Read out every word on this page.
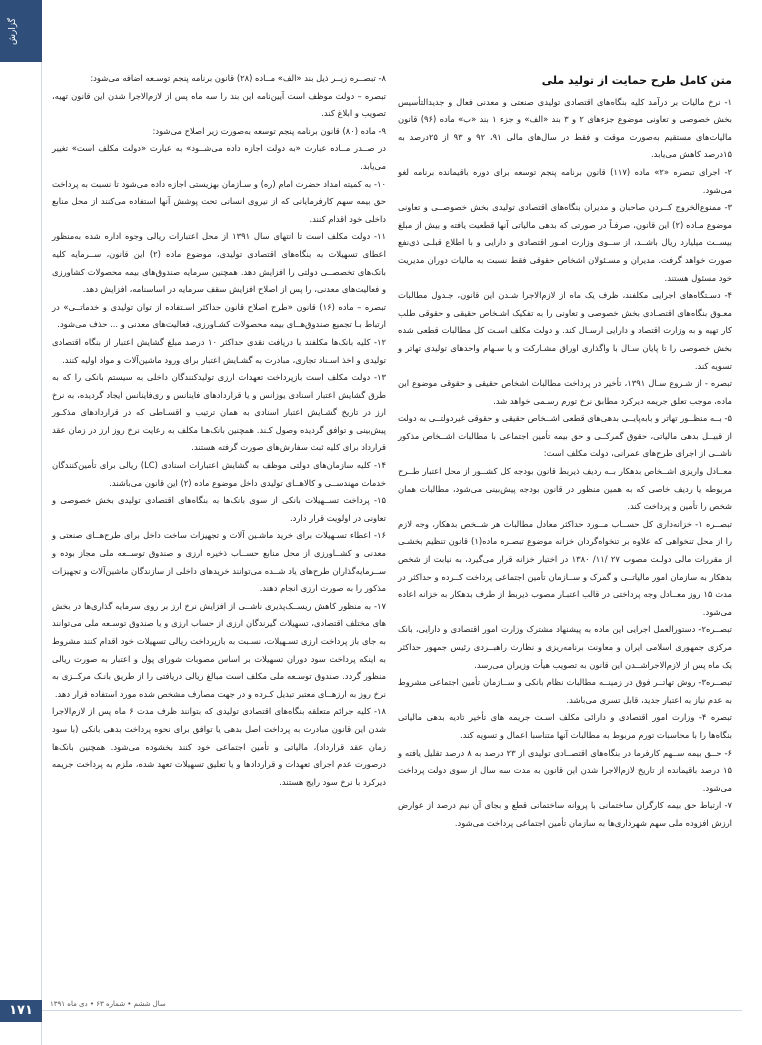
گزارش
۱۷۱
متن کامل طرح حمایت از تولید ملی

۱- نرخ مالیات بر درآمد کلیه بنگاه‌های اقتصادی تولیدی صنعتی و معدنی فعال و جدیدالتأسیس بخش خصوصی و تعاونی موضوع جزءهای ۲ و ۳ بند «الف» و جزء ۱ بند «ب» ماده (۹۶) قانون مالیات‌های مستقیم به‌صورت موقت و فقط در سال‌های مالی ۹۱، ۹۲ و ۹۳ از ۲۵درصد به ۱۵درصد کاهش می‌یابد.

۲- اجرای تبصره «۲» ماده (۱۱۷) قانون برنامه پنجم توسعه برای دوره باقیمانده برنامه لغو می‌شود.

۳- ممنوع‌الخروج کــردن صاحبان و مدیران بنگاه‌های اقتصادی تولیدی بخش خصوصــی و تعاونی موضوع مـاده (۲) این قانون، صرفـاً در صورتی که بدهی مالیاتی آنها قطعیت یافته و بیش از مبلغ بیســت میلیارد ریال باشــد، از ســوی وزارت امـور اقتصادی و دارایی و با اطلاع قبلـی ذی‌نفع صورت خواهد گرفت. مدیران و مسـئولان اشخاص حقوقی فقط نسبت به مالیات دوران مدیریت خود مسئول هستند.

۴- دسـتگاه‌های اجرایی مکلفند، ظرف یک ماه از لازم‌الاجرا شـدن این قانون، جـدول مطالبات معـوق بنگاه‌های اقتصـادی بخش خصوصی و تعاونی را به تفکیک اشـخاص حقیقی و حقوقی طلب کار تهیه و به وزارت اقتصاد و دارایی ارسـال کند. و دولت مکلف اسـت کل مطالبات قطعی شده بخش خصوصی را تا پایان سـال با واگذاری اوراق مشـارکت و یا سـهام واحدهای تولیدی تهاتر و تسویه کند.

تبصره - از شـروع سـال ۱۳۹۱، تأخیر در پرداخت مطالبات اشخاص حقیقی و حقوقی موضوع این ماده، موجب تعلق جریمه دیرکرد مطابق نرخ تورم رسـمی خواهد شد.

۵- بــه منظــور تهاتر و بابه‌پایــی بدهی‌های قطعی اشــخاص حقیقی و حقوقی غیردولتــی به دولت از قبیــل بدهی مالیاتی، حقوق گمرکــی و حق بیمه تأمین اجتماعی با مطالبات اشــخاص مذکور ناشــی از اجرای طرح‌های عمرانی، دولت مکلف است:

معــادل واریزی اشــخاص بدهکار بــه ردیف ذیربط قانون بودجه کل کشــور از محل اعتبار طــرح مربوطه یا ردیف خاصی که به همین منظور در قانون بودجه پیش‌بینی می‌شود، مطالبات همان شخص را تأمین و پرداخت کند.

تبصــره ۱- خزانه‌داری کل حســاب مــورد حداکثر معادل مطالبات هر شــخص بدهکار، وجه لازم را از محل تنخواهی که علاوه بر تنخواه‌گردان خزانه موضوع تبصـره ماده(۱) قانون تنظیم بخشـی از مقررات مالی دولـت مصوب ۲۷ /۱۱/ ۱۳۸۰ در اختیار خزانه قرار می‌گیرد، به نیابت از شخص بدهکار به سازمان امور مالیاتــی و گمرک و ســازمان تأمین اجتماعی پرداخت کــرده و حداکثر در مدت ۱۵ روز معــادل وجه پرداختی در قالب اعتبـار مصوب ذیربط از طرف بدهکار به خزانه اعاده می‌شود.

تبصــره۲- دستورالعمل اجرایی این ماده به پیشنهاد مشترک وزارت امور اقتصادی و دارایی، بانک مرکزی جمهوری اسلامی ایران و معاونت برنامه‌ریزی و نظارت راهبــردی رئیس جمهور حداکثر یک ماه پس از لازم‌الاجراشــدن این قانون به تصویب هیأت وزیران می‌رسد.

تبصــره۳- روش تهاتــر فوق در زمینــه مطالبات نظام بانکی و ســازمان تأمین اجتماعی مشروط به عدم نیاز به اعتبار جدید، قابل تسری می‌باشد.

تبصره ۴- وزارت امور اقتصادی و دارائی مکلف اسـت جریمه های تأخیر تادیه بدهی مالیاتی بنگاه‌ها را با محاسبات تورم مربوط به مطالبات آنها متناسبا اعمال و تسویه کند.

۶- حــق بیمه ســهم کارفرما در بنگاه‌های اقتصــادی تولیدی از ۲۳ درصد به ۸ درصد تقلیل یافته و ۱۵ درصد باقیمانده از تاریخ لازم‌الاجرا شدن این قانون به مدت سه سال از سوی دولت پرداخت می‌شود.

۷- ارتباط حق بیمه کارگران ساختمانی با پروانه ساختمانی قطع و بجای آن نیم درصد از عوارض ارزش افزوده ملی سهم شهرداری‌ها به سازمان تأمین اجتماعی پرداخت می‌شود.

۸- تبصــره زیــر ذیل بند «الف» مــاده (۲۸) قانون برنامه پنجم توسـعه اضافه می‌شود:

تبصره – دولت موظف است آیین‌نامه این بند را سه ماه پس از لازم‌الاجرا شدن این قانون تهیه، تصویب و ابلاغ کند.

۹- ماده (۸۰) قانون برنامه پنجم توسعه به‌صورت زیر اصلاح می‌شود:

در صــدر مــاده عبارت «به دولت اجازه داده می‌شــود» به عبارت «دولت مکلف است» تغییر می‌یابد.

۱۰- به کمیته امداد حضرت امام (ره) و سـازمان بهزیستی اجازه داده می‌شود تا نسبت به پرداخت حق بیمه سهم کارفرمایانی که از نیروی انسانی تحت پوشش آنها استفاده می‌کنند از محل منابع داخلی خود اقدام کنند.

۱۱- دولت مکلف است تا انتهای سال ۱۳۹۱ از محل اعتبارات ریالی وجوه اداره شده به‌منظور اعطای تسهیلات به بنگاه‌های اقتصادی تولیدی، موضوع ماده (۲) این قانون، ســرمایه کلیه بانک‌های تخصصــی دولتی را افزایش دهد. همچنین سرمایه صندوق‌های بیمه محصولات کشاورزی و فعالیت‌های معدنی، را پس از اصلاح افزایش سقف سرمایه در اساسنامه، افزایش دهد.

تبصره – ماده (۱۶) قانون «طرح اصلاح قانون حداکثر اسـتفاده از توان تولیدی و خدماتــی» در ارتباط بـا تجمیع صندوق‌هــای بیمه محصولات کشـاورزی، فعالیت‌های معدنی و ... حذف می‌شود.

۱۲- کلیه بانک‌ها مکلفند با دریافت نقدی حداکثر ۱۰ درصد مبلغ گشایش اعتبار از بنگاه اقتصادی تولیدی و اخذ اسـناد تجاری، مبادرت به گشـایش اعتبار برای ورود ماشین‌آلات و مواد اولیه کنند.

۱۳- دولت مکلف است بازپرداخت تعهدات ارزی تولیدکنندگان داخلی به سیستم بانکی را که به طرق گشایش اعتبار اسنادی یوزانس و یا قراردادهای فاینانس و ری‌فاینانس ایجاد گردیده، به نرخ ارز در تاریخ گشـایش اعتبار اسنادی به همان ترتیب و اقسـاطی که در قراردادهای مذکـور پیش‌بینی و توافق گردیده وصول کـند. همچنین بانک‌هـا مکلف به رعایت نرخ روز ارز در زمان عقد قرارداد برای کلیه ثبت سفارش‌های صورت گرفته هستند.

۱۴- کلیه سازمان‌های دولتی موظف به گشایش اعتبارات اسنادی (LC) ریالی برای تأمین‌کنندگان خدمات مهندســی و کالاهــای تولیدی داخل موضوع ماده (۲) این قانون می‌باشند.

۱۵- پرداخت تســهیلات بانکی از سوی بانک‌ها به بنگاه‌های اقتصادی تولیدی بخش خصوصی و تعاونی در اولویت قرار دارد.

۱۶- اعطاء تسـهیلات برای خرید ماشـین آلات و تجهیزات ساخت داخل برای طرح‌هــای صنعتی و معدنی و کشــاورزی از محل منابع حســاب ذخیره ارزی و صندوق توســعه ملی مجاز بوده و ســرمایه‌گذاران طرح‌های یاد شــده می‌توانند خریدهای داخلی از سازندگان ماشین‌آلات و تجهیزات مذکور را به صورت ارزی انجام دهند.

۱۷- به منظور کاهش ریســک‌پذیری ناشــی از افزایش نرخ ارز بر روی سرمایه گذاری‌ها در بخش های مختلف اقتصادی، تسهیلات گیرندگان ارزی از حساب ارزی و یا صندوق توسـعه ملی می‌توانند به جای باز پرداخت ارزی تسـهیلات، نسـبت به بازپرداخت ریالی تسهیلات خود اقدام کنند مشروط به اینکه پرداخت سود دوران تسهیلات بر اساس مصوبات شورای پول و اعتبار به صورت ریالی منظور گردد. صندوق توسـعه ملی مکلف است مبالغ ریالی دریافتی را از طریق بانـک مرکــزی به نرخ روز به ارزهــای معتبر تبدیل کـرده و در جهت مصارف مشخص شده مورد استفاده قرار دهد.

۱۸- کلیه جرائم متعلقه بنگاه‌های اقتصادی تولیدی که بتوانند ظرف مدت ۶ ماه پس از لازم‌الاجرا شدن این قانون مبادرت به پرداخت اصل بدهی یا توافق برای نحوه پرداخت بدهی بانکی (با سود زمان عقد قرارداد)، مالیاتی و تأمین اجتماعی خود کنند بخشوده می‌شود. همچنین بانک‌ها درصورت عدم اجرای تعهدات و قراردادها و یا تعلیق تسهیلات تعهد شده، ملزم به پرداخت جریمه دیرکرد با نرخ سود رایج هستند.

سال ششم • شماره ۶۳ • دی ماه ۱۳۹۱
